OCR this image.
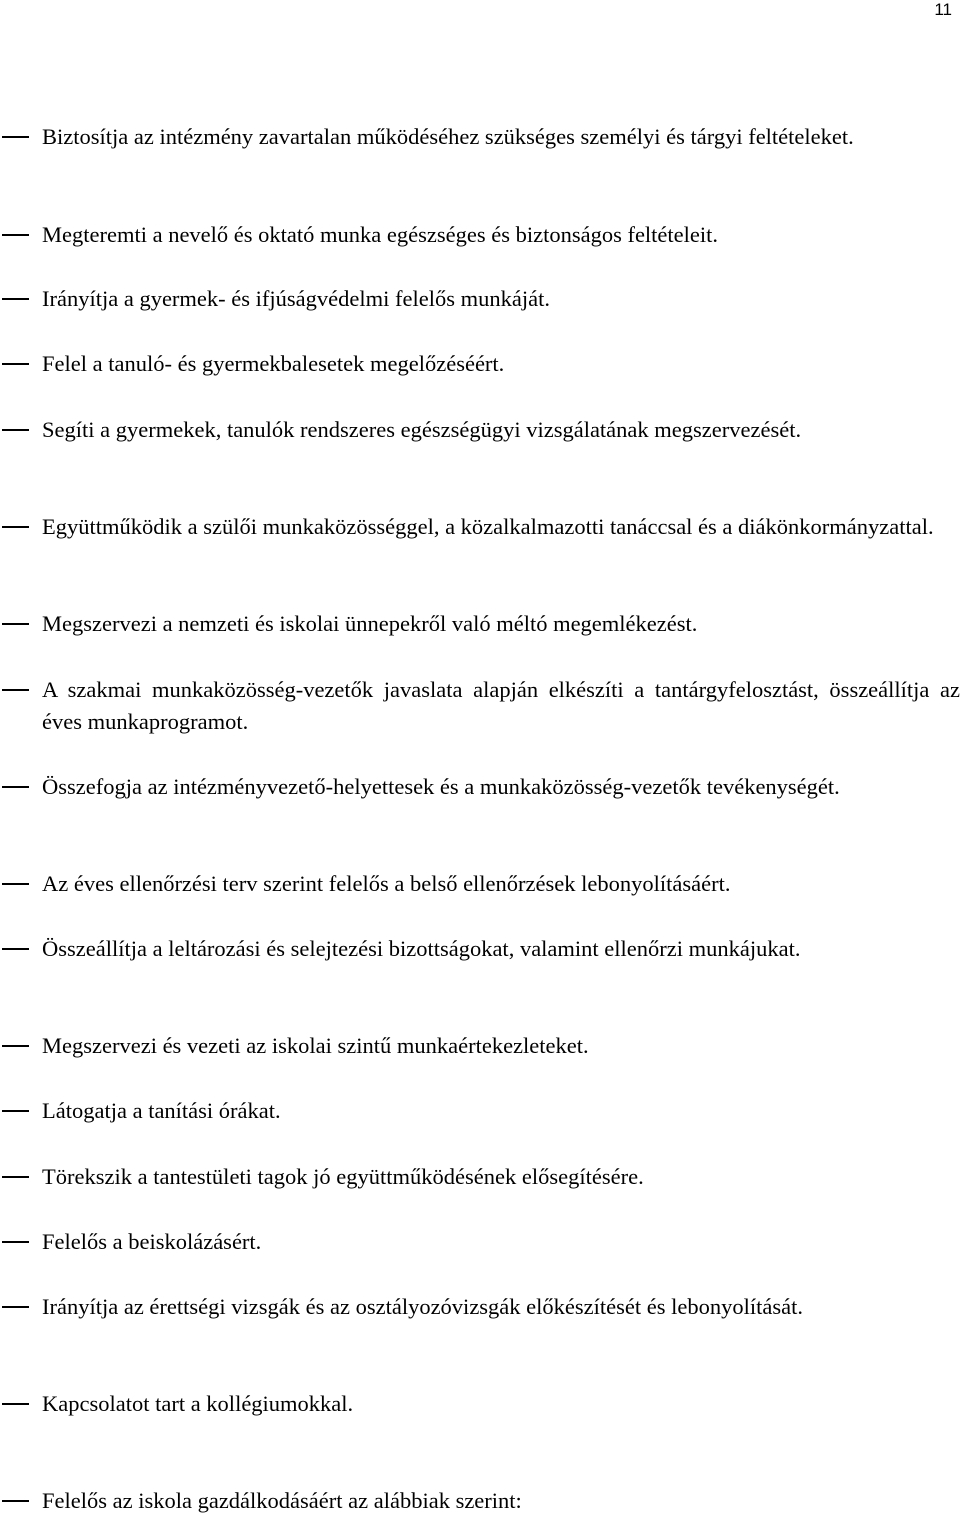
11
Biztosítja az intézmény zavartalan működéséhez szükséges személyi és tárgyi feltételeket.
Megteremti a nevelő és oktató munka egészséges és biztonságos feltételeit.
Irányítja a gyermek- és ifjúságvédelmi felelős munkáját.
Felel a tanuló- és gyermekbalesetek megelőzéséért.
Segíti a gyermekek, tanulók rendszeres egészségügyi vizsgálatának megszervezését.
Együttműködik a szülői munkaközösséggel, a közalkalmazotti tanáccsal és a diákönkormányzattal.
Megszervezi a nemzeti és iskolai ünnepekről való méltó megemlékezést.
A szakmai munkaközösség-vezetők javaslata alapján elkészíti a tantárgyfelosztást, összeállítja az éves munkaprogramot.
Összefogja az intézményvezető-helyettesek és a munkaközösség-vezetők tevékenységét.
Az éves ellenőrzési terv szerint felelős a belső ellenőrzések lebonyolításáért.
Összeállítja a leltározási és selejtezési bizottságokat, valamint ellenőrzi munkájukat.
Megszervezi és vezeti az iskolai szintű munkaértekezleteket.
Látogatja a tanítási órákat.
Törekszik a tantestületi tagok jó együttműködésének elősegítésére.
Felelős a beiskolázásért.
Irányítja az érettségi vizsgák és az osztályozóvizsgák előkészítését és lebonyolítását.
Kapcsolatot tart a kollégiumokkal.
Felelős az iskola gazdálkodásáért az alábbiak szerint:
